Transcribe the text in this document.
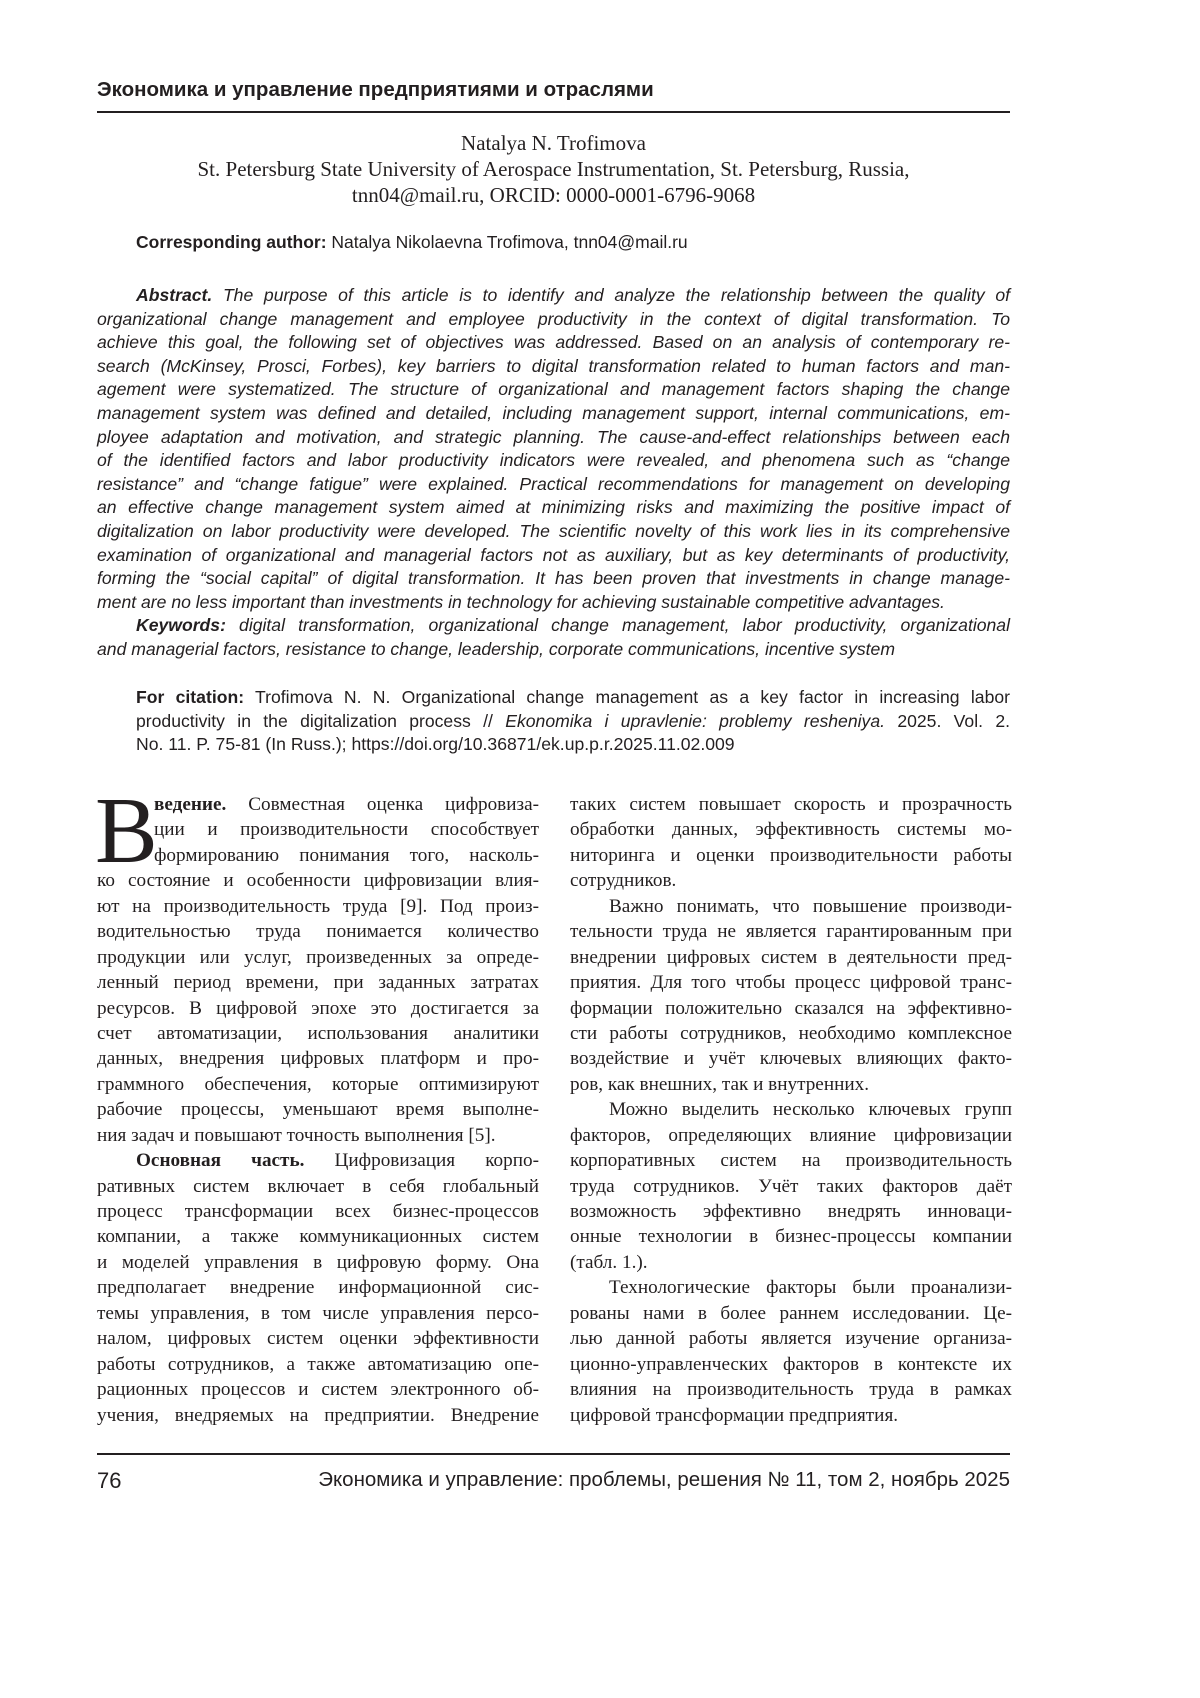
Экономика и управление предприятиями и отраслями
Natalya N. Trofimova
St. Petersburg State University of Aerospace Instrumentation, St. Petersburg, Russia,
tnn04@mail.ru, ORCID: 0000-0001-6796-9068
Corresponding author: Natalya Nikolaevna Trofimova, tnn04@mail.ru
Abstract. The purpose of this article is to identify and analyze the relationship between the quality of
organizational change management and employee productivity in the context of digital transformation. To
achieve this goal, the following set of objectives was addressed. Based on an analysis of contemporary re-
search (McKinsey, Prosci, Forbes), key barriers to digital transformation related to human factors and man-
agement were systematized. The structure of organizational and management factors shaping the change
management system was defined and detailed, including management support, internal communications, em-
ployee adaptation and motivation, and strategic planning. The cause-and-effect relationships between each
of the identified factors and labor productivity indicators were revealed, and phenomena such as “change
resistance” and “change fatigue” were explained. Practical recommendations for management on developing
an effective change management system aimed at minimizing risks and maximizing the positive impact of
digitalization on labor productivity were developed. The scientific novelty of this work lies in its comprehensive
examination of organizational and managerial factors not as auxiliary, but as key determinants of productivity,
forming the “social capital” of digital transformation. It has been proven that investments in change manage-
ment are no less important than investments in technology for achieving sustainable competitive advantages.
Keywords: digital transformation, organizational change management, labor productivity, organizational
and managerial factors, resistance to change, leadership, corporate communications, incentive system
For citation: Trofimova N. N. Organizational change management as a key factor in increasing labor
productivity in the digitalization process // Ekonomika i upravlenie: problemy resheniya. 2025. Vol. 2.
No. 11. P. 75-81 (In Russ.); https://doi.org/10.36871/ek.up.p.r.2025.11.02.009
В
ведение. Совместная оценка цифровиза-
ции и производительности способствует
формированию понимания того, насколь-
ко состояние и особенности цифровизации влия-
ют на производительность труда [9]. Под произ-
водительностью труда понимается количество
продукции или услуг, произведенных за опреде-
ленный период времени, при заданных затратах
ресурсов. В цифровой эпохе это достигается за
счет автоматизации, использования аналитики
данных, внедрения цифровых платформ и про-
граммного обеспечения, которые оптимизируют
рабочие процессы, уменьшают время выполне-
ния задач и повышают точность выполнения [5].
Основная часть. Цифровизация корпо-
ративных систем включает в себя глобальный
процесс трансформации всех бизнес-процессов
компании, а также коммуникационных систем
и моделей управления в цифровую форму. Она
предполагает внедрение информационной сис-
темы управления, в том числе управления персо-
налом, цифровых систем оценки эффективности
работы сотрудников, а также автоматизацию опе-
рационных процессов и систем электронного об-
учения, внедряемых на предприятии. Внедрение
таких систем повышает скорость и прозрачность
обработки данных, эффективность системы мо-
ниторинга и оценки производительности работы
сотрудников.
Важно понимать, что повышение производи-
тельности труда не является гарантированным при
внедрении цифровых систем в деятельности пред-
приятия. Для того чтобы процесс цифровой транс-
формации положительно сказался на эффективно-
сти работы сотрудников, необходимо комплексное
воздействие и учёт ключевых влияющих факто-
ров, как внешних, так и внутренних.
Можно выделить несколько ключевых групп
факторов, определяющих влияние цифровизации
корпоративных систем на производительность
труда сотрудников. Учёт таких факторов даёт
возможность эффективно внедрять инноваци-
онные технологии в бизнес-процессы компании
(табл. 1.).
Технологические факторы были проанализи-
рованы нами в более раннем исследовании. Це-
лью данной работы является изучение организа-
ционно-управленческих факторов в контексте их
влияния на производительность труда в рамках
цифровой трансформации предприятия.
76	Экономика и управление: проблемы, решения № 11, том 2, ноябрь 2025
